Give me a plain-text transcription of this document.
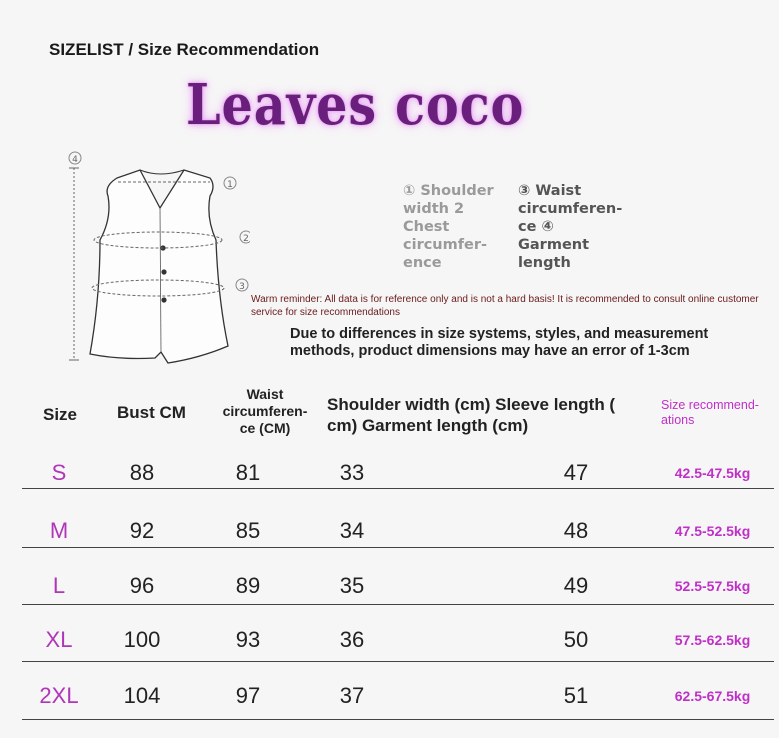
SIZELIST / Size Recommendation
Leaves coco
4
1
2
3
① Shoulder
width 2
Chest
circumfer-
ence
③ Waist
circumferen-
ce ④
Garment
length
Warm reminder: All data is for reference only and is not a hard basis! It is recommended to consult online customer service for size recommendations
Due to differences in size systems, styles, and measurement methods, product dimensions may have an error of 1-3cm
Size Bust CM
Waist circumferen-ce (CM)
Shoulder width (cm) Sleeve length ( cm) Garment length (cm)
Size recommend-ations
S	88	81	33	47	42.5-47.5kg
M	92	85	34	48	47.5-52.5kg
L	96	89	35	49	52.5-57.5kg
XL	100	93	36	50	57.5-62.5kg
2XL	104	97	37	51	62.5-67.5kg
